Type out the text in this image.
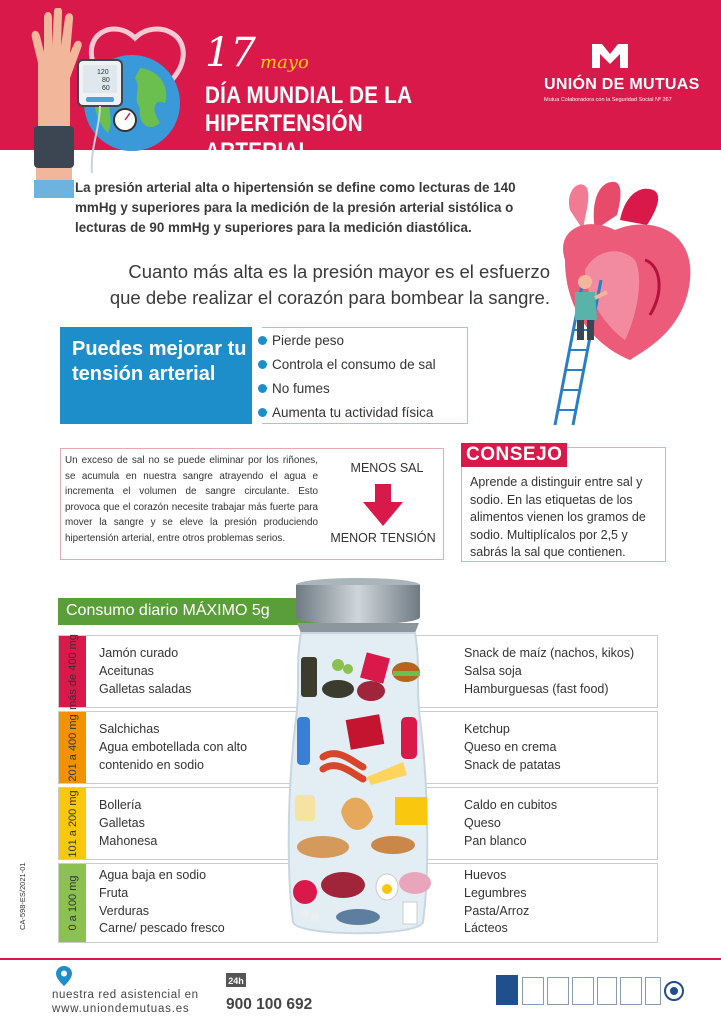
120
80
60
17 mayo
DÍA MUNDIAL DE LA HIPERTENSIÓN ARTERIAL
UNIÓN DE MUTUAS
Mutua Colaboradora con la Seguridad Social Nº 267

La presión arterial alta o hipertensión se define como lecturas de 140 mmHg y superiores para la medición de la presión arterial sistólica o lecturas de 90 mmHg y superiores para la medición diastólica.

Cuanto más alta es la presión mayor es el esfuerzo
que debe realizar el corazón para bombear la sangre.
Puedes mejorar tu tensión arterial
Pierde peso
Controla el consumo de sal
No fumes
Aumenta tu actividad física

Un exceso de sal no se puede eliminar por los riñones, se acumula en nuestra sangre atrayendo el agua e incrementa el volumen de sangre circulante. Esto provoca que el corazón necesite trabajar más fuerte para mover la sangre y se eleve la presión produciendo hipertensión arterial, entre otros problemas serios.

MENOS SAL
MENOR TENSIÓN
CONSEJO

Aprende a distinguir entre sal y sodio. En las etiquetas de los alimentos vienen los gramos de sodio. Multiplícalos por 2,5 y sabrás la sal que contienen.

Consumo diario MÁXIMO 5g
más de 400 mg Jamón curado
Aceitunas
Galletas saladas
Snack de maíz (nachos, kikos)
Salsa soja
Hamburguesas (fast food)
201 a 400 mg Salchichas
Agua embotellada con alto
contenido en sodio
Ketchup
Queso en crema
Snack de patatas
101 a 200 mg Bollería
Galletas
Mahonesa
Caldo en cubitos
Queso
Pan blanco
0 a 100 mg
Agua baja en sodio
Fruta
Verduras
Carne/ pescado fresco
Huevos
Legumbres
Pasta/Arroz
Lácteos
CA-598-ES/2021-01
nuestra red asistencial en
www.uniondemutuas.es
24h
900 100 692
